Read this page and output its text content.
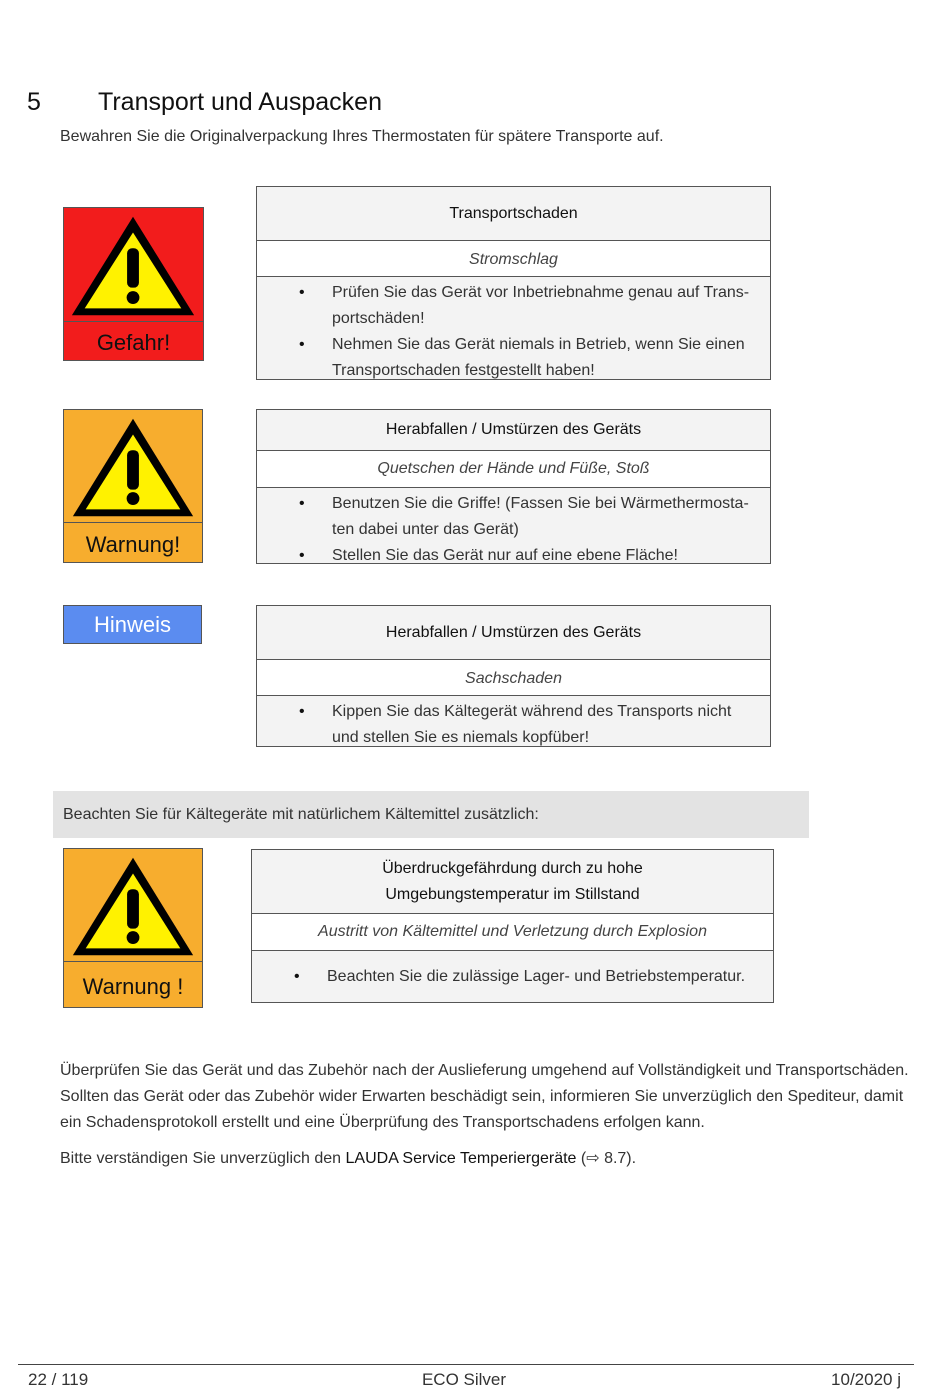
5 Transport und Auspacken
Bewahren Sie die Originalverpackung Ihres Thermostaten für spätere Transporte auf.
Gefahr!
Transportschaden
Stromschlag
• Prüfen Sie das Gerät vor Inbetriebnahme genau auf Trans-portschäden!
• Nehmen Sie das Gerät niemals in Betrieb, wenn Sie einen Transportschaden festgestellt haben!
Warnung!
Herabfallen / Umstürzen des Geräts
Quetschen der Hände und Füße, Stoß
• Benutzen Sie die Griffe! (Fassen Sie bei Wärmethermosta-ten dabei unter das Gerät)
• Stellen Sie das Gerät nur auf eine ebene Fläche!
Hinweis	Herabfallen / Umstürzen des Geräts
Sachschaden
• Kippen Sie das Kältegerät während des Transports nicht und stellen Sie es niemals kopfüber!
Beachten Sie für Kältegeräte mit natürlichem Kältemittel zusätzlich:
Warnung !
Überdruckgefährdung durch zu hohe
Umgebungstemperatur im Stillstand
Austritt von Kältemittel und Verletzung durch Explosion
• Beachten Sie die zulässige Lager- und Betriebstemperatur.
Überprüfen Sie das Gerät und das Zubehör nach der Auslieferung umgehend auf Vollständigkeit und Transportschäden. Sollten das Gerät oder das Zubehör wider Erwarten beschädigt sein, informieren Sie unverzüglich den Spediteur, damit ein Schadensprotokoll erstellt und eine Überprüfung des Transportschadens erfolgen kann.
Bitte verständigen Sie unverzüglich den LAUDA Service Temperiergeräte (⇨ 8.7).
22 / 119	ECO Silver	10/2020 j
